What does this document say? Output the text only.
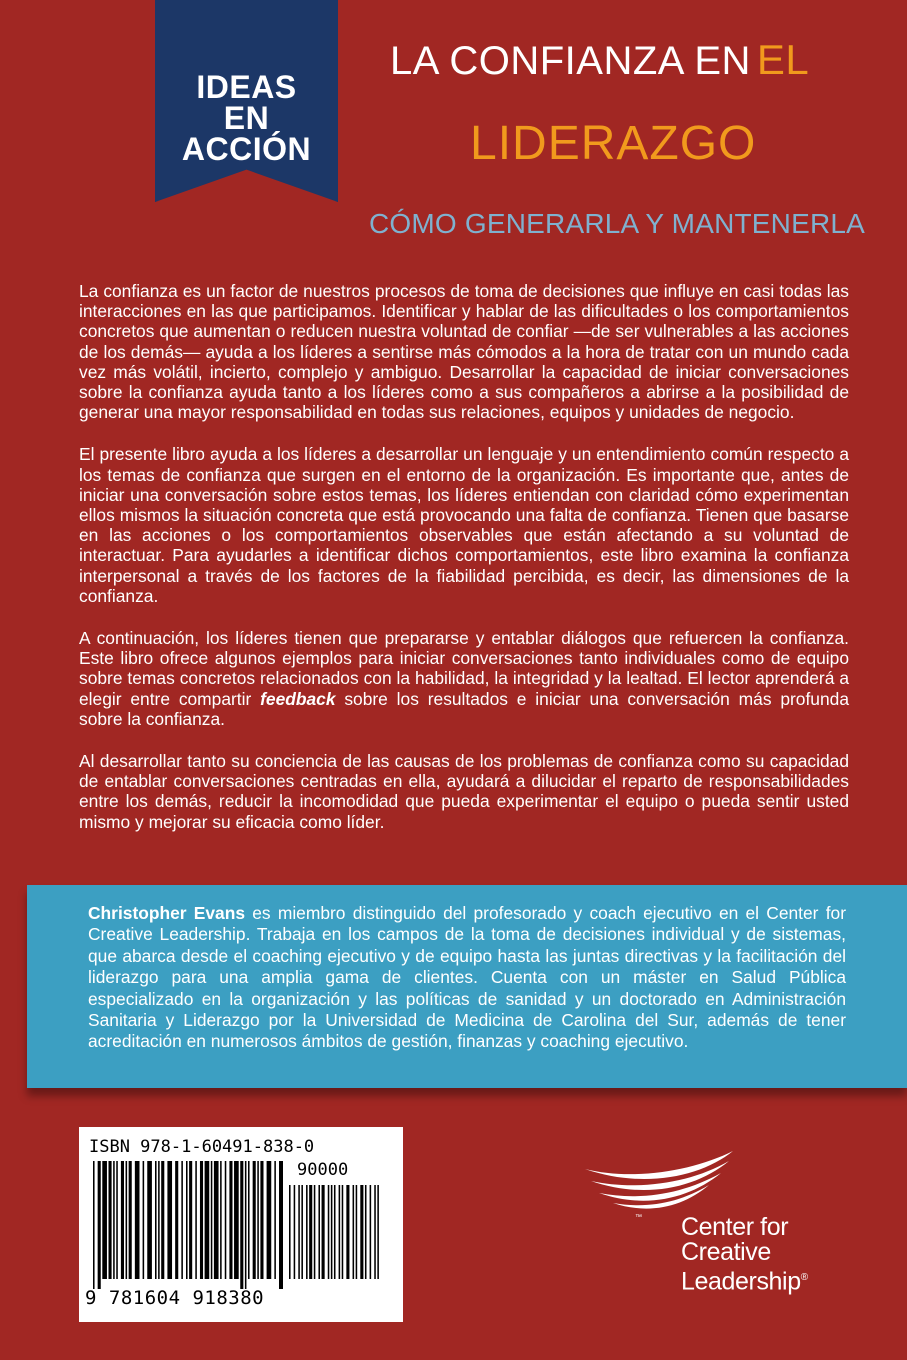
IDEAS
EN
ACCIÓN
LA CONFIANZA EN EL
LIDERAZGO
CÓMO GENERARLA Y MANTENERLA

La confianza es un factor de nuestros procesos de toma de decisiones que influye en casi todas las interacciones en las que participamos. Identificar y hablar de las dificultades o los comportamientos concretos que aumentan o reducen nuestra voluntad de confiar —de ser vulnerables a las acciones de los demás— ayuda a los líderes a sentirse más cómodos a la hora de tratar con un mundo cada vez más volátil, incierto, complejo y ambiguo. Desarrollar la capacidad de iniciar conversaciones sobre la confianza ayuda tanto a los líderes como a sus compañeros a abrirse a la posibilidad de generar una mayor responsabilidad en todas sus relaciones, equipos y unidades de negocio.

El presente libro ayuda a los líderes a desarrollar un lenguaje y un entendimiento común respecto a los temas de confianza que surgen en el entorno de la organización. Es importante que, antes de iniciar una conversación sobre estos temas, los líderes entiendan con claridad cómo experimentan ellos mismos la situación concreta que está provocando una falta de confianza. Tienen que basarse en las acciones o los comportamientos observables que están afectando a su voluntad de interactuar. Para ayudarles a identificar dichos comportamientos, este libro examina la confianza interpersonal a través de los factores de la fiabilidad percibida, es decir, las dimensiones de la confianza.

A continuación, los líderes tienen que prepararse y entablar diálogos que refuercen la confianza. Este libro ofrece algunos ejemplos para iniciar conversaciones tanto individuales como de equipo sobre temas concretos relacionados con la habilidad, la integridad y la lealtad. El lector aprenderá a elegir entre compartir feedback sobre los resultados e iniciar una conversación más profunda sobre la confianza.

Al desarrollar tanto su conciencia de las causas de los problemas de confianza como su capacidad de entablar conversaciones centradas en ella, ayudará a dilucidar el reparto de responsabilidades entre los demás, reducir la incomodidad que pueda experimentar el equipo o pueda sentir usted mismo y mejorar su eficacia como líder.

Christopher Evans es miembro distinguido del profesorado y coach ejecutivo en el Center for Creative Leadership. Trabaja en los campos de la toma de decisiones individual y de sistemas, que abarca desde el coaching ejecutivo y de equipo hasta las juntas directivas y la facilitación del liderazgo para una amplia gama de clientes. Cuenta con un máster en Salud Pública especializado en la organización y las políticas de sanidad y un doctorado en Administración Sanitaria y Liderazgo por la Universidad de Medicina de Carolina del Sur, además de tener acreditación en numerosos ámbitos de gestión, finanzas y coaching ejecutivo.
ISBN 978-1-60491-838-0
90000
9 781604 918380
™ Center for
Creative
Leadership®
